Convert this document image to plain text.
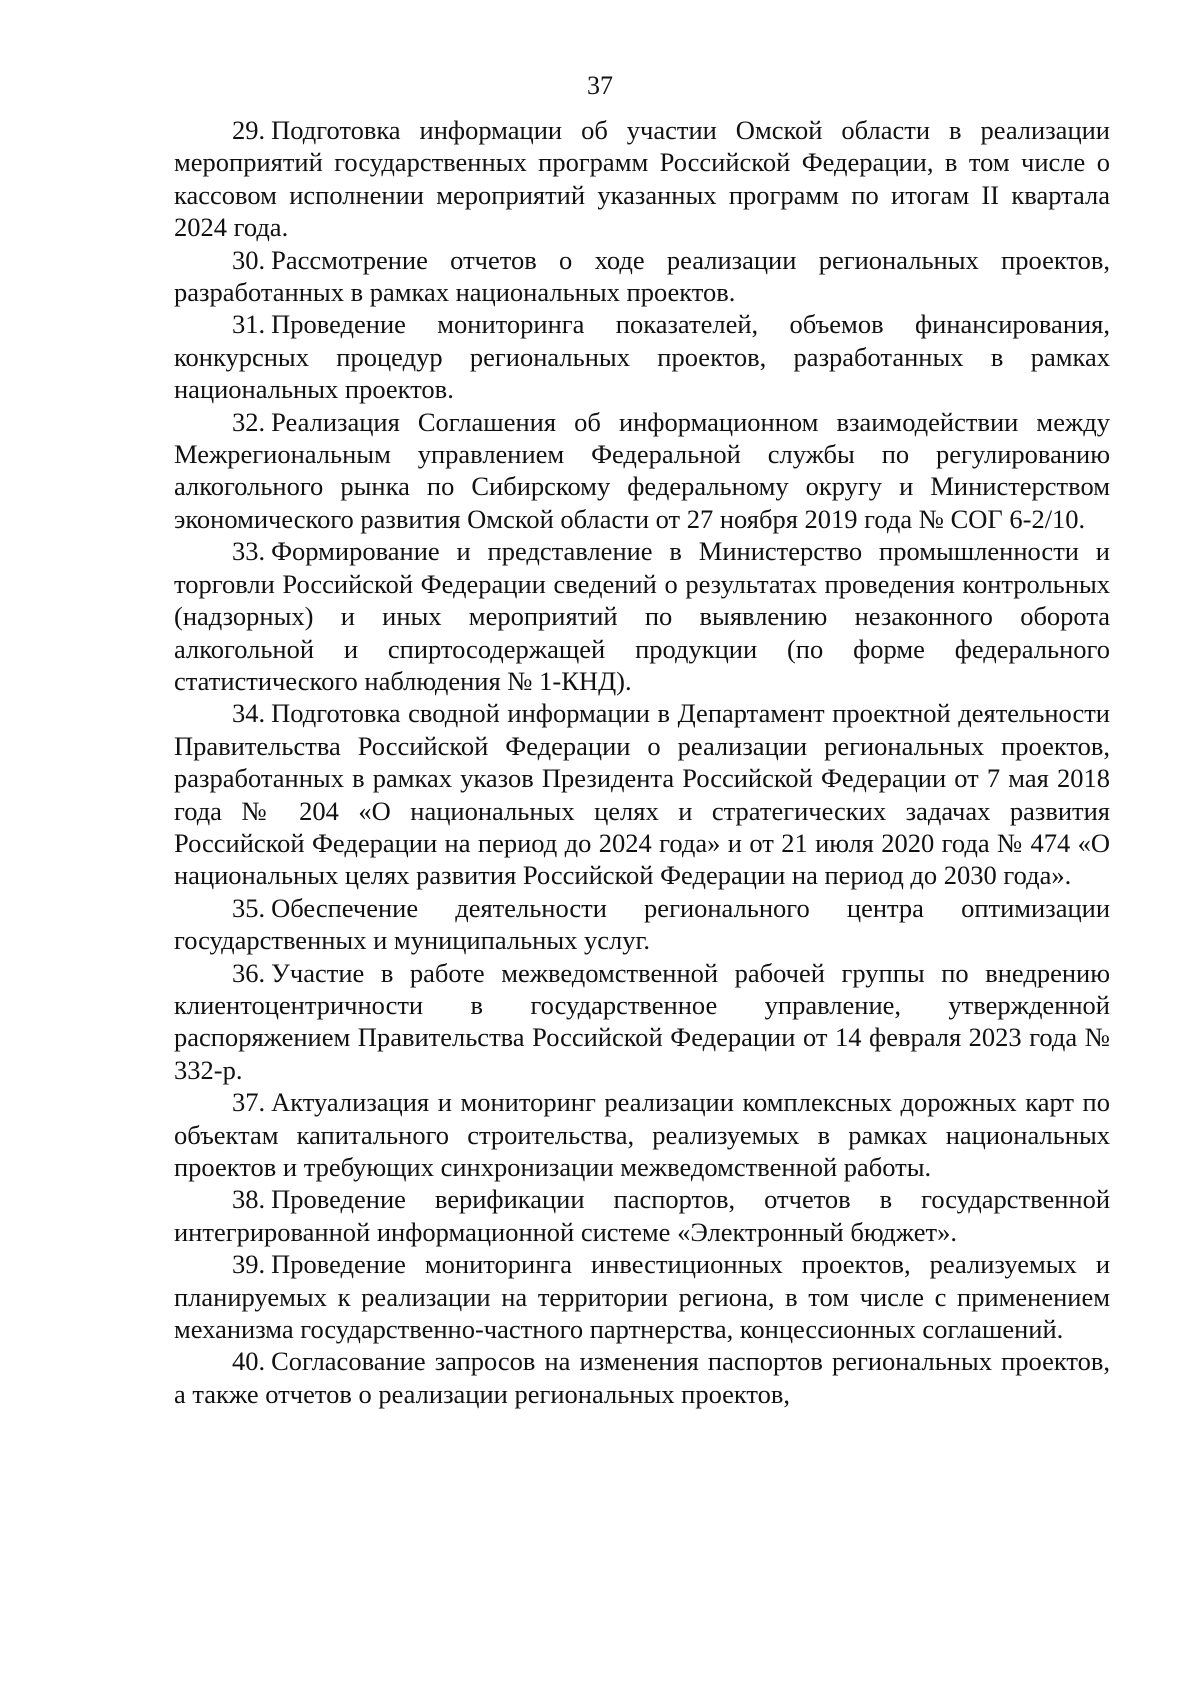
37

29. Подготовка информации об участии Омской области в реализации мероприятий государственных программ Российской Федерации, в том числе о кассовом исполнении мероприятий указанных программ по итогам II квартала 2024 года.

30. Рассмотрение отчетов о ходе реализации региональных проектов, разработанных в рамках национальных проектов.

31. Проведение мониторинга показателей, объемов финансирования, конкурсных процедур региональных проектов, разработанных в рамках национальных проектов.

32. Реализация Соглашения об информационном взаимодействии между Межрегиональным управлением Федеральной службы по регулированию алкогольного рынка по Сибирскому федеральному округу и Министерством экономического развития Омской области от 27 ноября 2019 года № СОГ 6-2/10.

33. Формирование и представление в Министерство промышленности и торговли Российской Федерации сведений о результатах проведения контрольных (надзорных) и иных мероприятий по выявлению незаконного оборота алкогольной и спиртосодержащей продукции (по форме федерального статистического наблюдения № 1-КНД).

34. Подготовка сводной информации в Департамент проектной деятельности Правительства Российской Федерации о реализации региональных проектов, разработанных в рамках указов Президента Российской Федерации от 7 мая 2018 года № 204 «О национальных целях и стратегических задачах развития Российской Федерации на период до 2024 года» и от 21 июля 2020 года № 474 «О национальных целях развития Российской Федерации на период до 2030 года».

35. Обеспечение деятельности регионального центра оптимизации государственных и муниципальных услуг.

36. Участие в работе межведомственной рабочей группы по внедрению клиентоцентричности в государственное управление, утвержденной распоряжением Правительства Российской Федерации от 14 февраля 2023 года № 332-р.

37. Актуализация и мониторинг реализации комплексных дорожных карт по объектам капитального строительства, реализуемых в рамках национальных проектов и требующих синхронизации межведомственной работы.

38. Проведение верификации паспортов, отчетов в государственной интегрированной информационной системе «Электронный бюджет».

39. Проведение мониторинга инвестиционных проектов, реализуемых и планируемых к реализации на территории региона, в том числе с применением механизма государственно-частного партнерства, концессионных соглашений.

40. Согласование запросов на изменения паспортов региональных проектов, а также отчетов о реализации региональных проектов,
